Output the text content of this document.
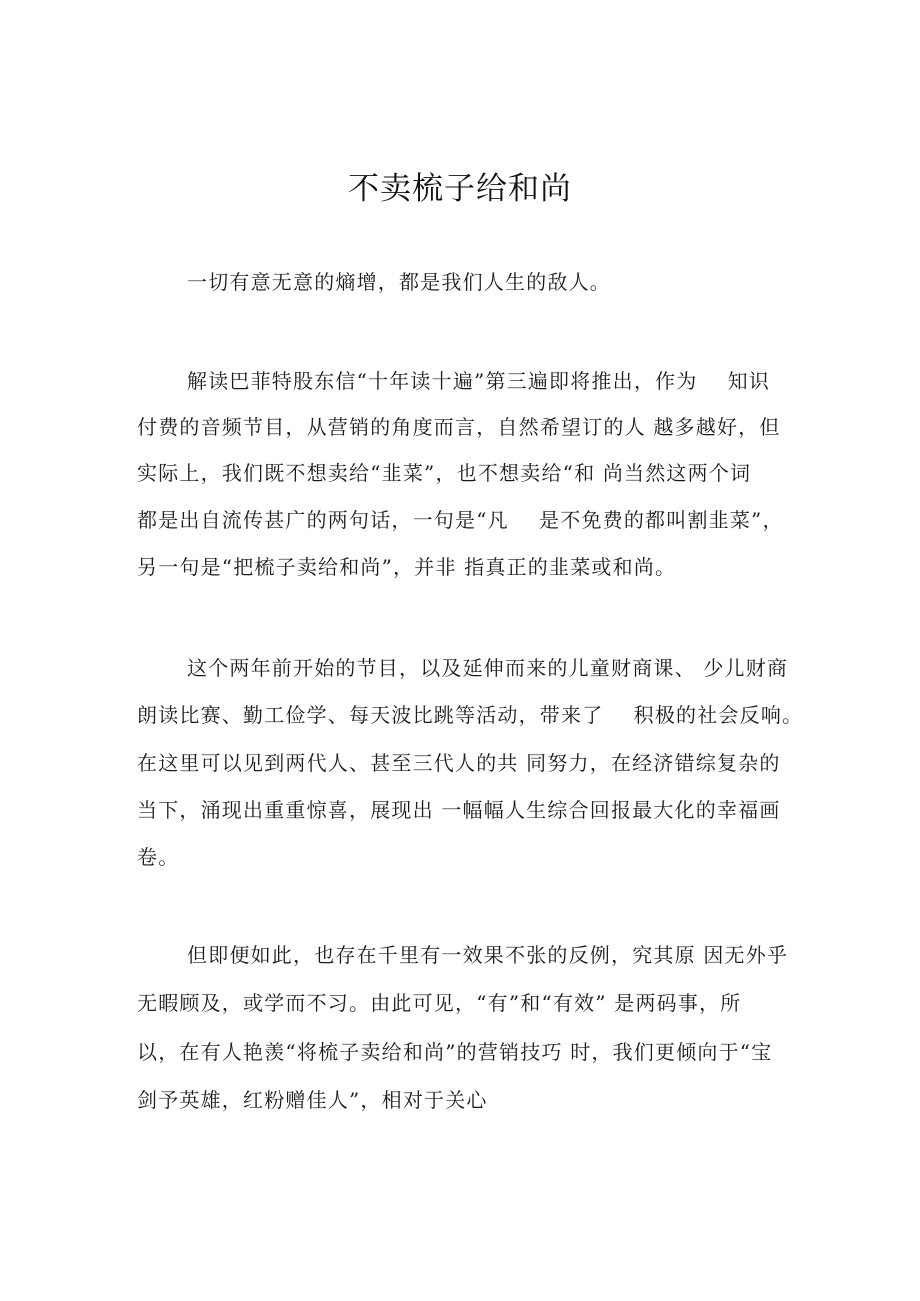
不卖梳子给和尚
一切有意无意的熵增，都是我们人生的敌人。
解读巴菲特股东信“十年读十遍”第三遍即将推出，作为    知识
付费的音频节目，从营销的角度而言，自然希望订的人 越多越好，但
实际上，我们既不想卖给“韭菜”，也不想卖给“和 尚当然这两个词
都是出自流传甚广的两句话，一句是“凡    是不免费的都叫割韭菜”，
另一句是“把梳子卖给和尚”，并非 指真正的韭菜或和尚。
这个两年前开始的节目，以及延伸而来的儿童财商课、 少儿财商
朗读比赛、勤工俭学、每天波比跳等活动，带来了    积极的社会反响。
在这里可以见到两代人、甚至三代人的共 同努力，在经济错综复杂的
当下，涌现出重重惊喜，展现出 一幅幅人生综合回报最大化的幸福画
卷。
但即便如此，也存在千里有一效果不张的反例，究其原 因无外乎
无暇顾及，或学而不习。由此可见，“有”和“有效” 是两码事，所
以，在有人艳羡“将梳子卖给和尚”的营销技巧 时，我们更倾向于“宝
剑予英雄，红粉赠佳人”，相对于关心
